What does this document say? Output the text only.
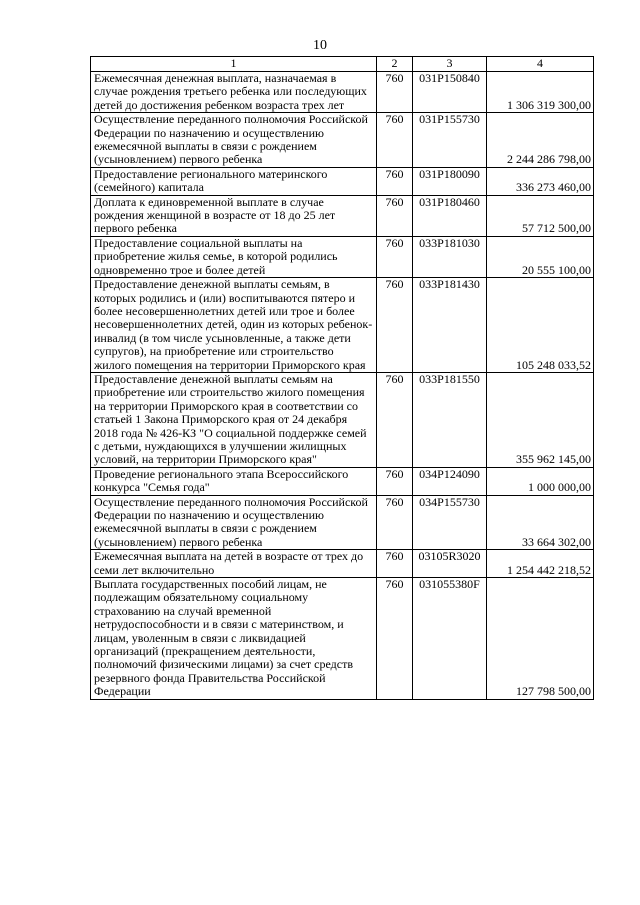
10
1	2	3	4
Ежемесячная денежная выплата, назначаемая в случае рождения третьего ребенка или последующих детей до достижения ребенком возраста трех лет	760	031P150840	1 306 319 300,00
Осуществление переданного полномочия Российской Федерации по назначению и осуществлению ежемесячной выплаты в связи с рождением (усыновлением) первого ребенка	760	031P155730	2 244 286 798,00
Предоставление регионального материнского (семейного) капитала	760	031P180090	336 273 460,00
Доплата к единовременной выплате в случае рождения женщиной в возрасте от 18 до 25 лет первого ребенка	760	031P180460	57 712 500,00
Предоставление социальной выплаты на приобретение жилья семье, в которой родились одновременно трое и более детей	760	033P181030	20 555 100,00
Предоставление денежной выплаты семьям, в которых родились и (или) воспитываются пятеро и более несовершеннолетних детей или трое и более несовершеннолетних детей, один из которых ребенок-инвалид (в том числе усыновленные, а также дети супругов), на приобретение или строительство жилого помещения на территории Приморского края	760	033P181430	105 248 033,52
Предоставление денежной выплаты семьям на приобретение или строительство жилого помещения на территории Приморского края в соответствии со статьей 1 Закона Приморского края от 24 декабря 2018 года № 426-КЗ "О социальной поддержке семей с детьми, нуждающихся в улучшении жилищных условий, на территории Приморского края"	760	033P181550	355 962 145,00
Проведение регионального этапа Всероссийского конкурса "Семья года"	760	034P124090	1 000 000,00
Осуществление переданного полномочия Российской Федерации по назначению и осуществлению ежемесячной выплаты в связи с рождением (усыновлением) первого ребенка	760	034P155730	33 664 302,00
Ежемесячная выплата на детей в возрасте от трех до семи лет включительно	760	03105R3020	1 254 442 218,52
Выплата государственных пособий лицам, не подлежащим обязательному социальному страхованию на случай временной нетрудоспособности и в связи с материнством, и лицам, уволенным в связи с ликвидацией организаций (прекращением деятельности, полномочий физическими лицами) за счет средств резервного фонда Правительства Российской Федерации	760	031055380F	127 798 500,00
